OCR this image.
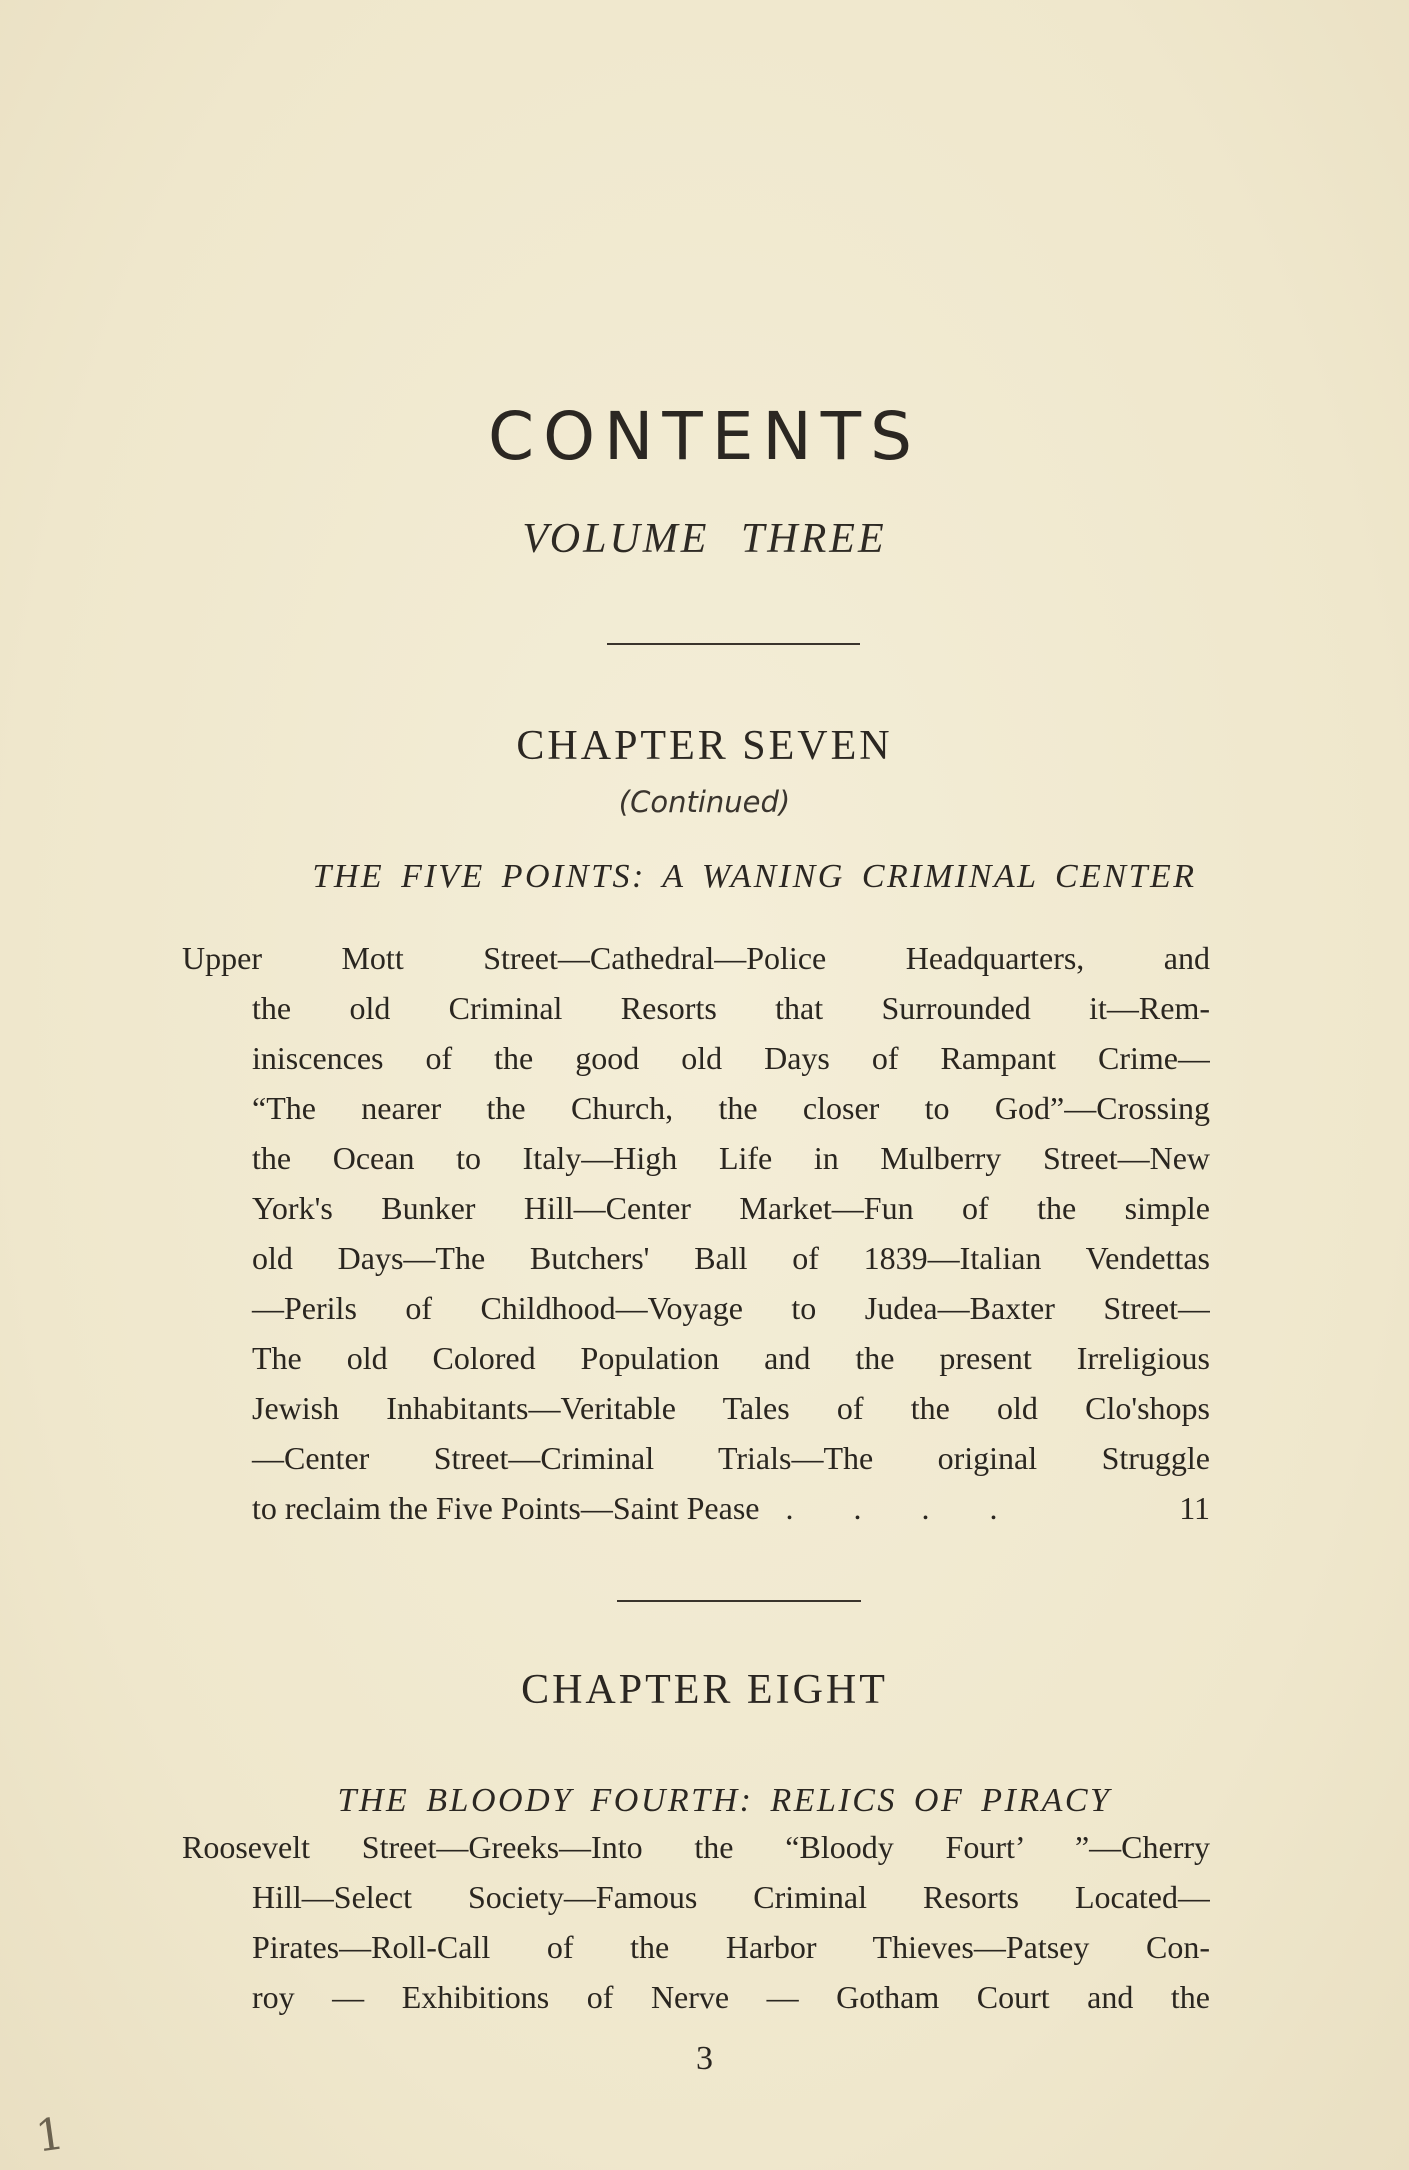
CONTENTS
VOLUME THREE
CHAPTER SEVEN
(Continued)
THE FIVE POINTS: A WANING CRIMINAL CENTER
Upper Mott Street—Cathedral—Police Headquarters, and
the old Criminal Resorts that Surrounded it—Rem-
iniscences of the good old Days of Rampant Crime—
“The nearer the Church, the closer to God”—Crossing
the Ocean to Italy—High Life in Mulberry Street—New
York's Bunker Hill—Center Market—Fun of the simple
old Days—The Butchers' Ball of 1839—Italian Vendettas
—Perils of Childhood—Voyage to Judea—Baxter Street—
The old Colored Population and the present Irreligious
Jewish Inhabitants—Veritable Tales of the old Clo'shops
—Center Street—Criminal Trials—The original Struggle
to reclaim the Five Points—Saint Pease . . . .	11
CHAPTER EIGHT
THE BLOODY FOURTH: RELICS OF PIRACY
Roosevelt Street—Greeks—Into the “Bloody Fourt’ ”—Cherry
Hill—Select Society—Famous Criminal Resorts Located—
Pirates—Roll-Call of the Harbor Thieves—Patsey Con-
roy — Exhibitions of Nerve — Gotham Court and the
3
1
